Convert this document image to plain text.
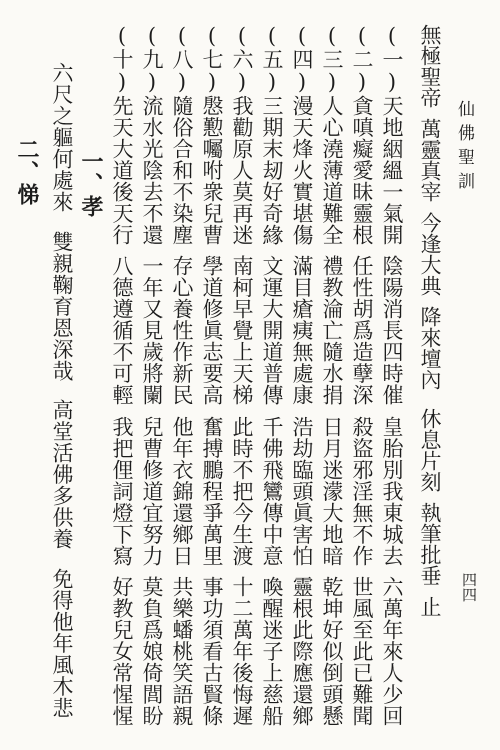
仙佛聖訓
四四
無極聖帝萬靈真宰今逢大典降來壇內休息片刻執筆批垂止
(一)天地絪縕一氣開陰陽消長四時催皇胎別我東城去六萬年來人少回
(二)貪嗔癡愛昧靈根任性胡爲造孽深殺盜邪淫無不作世風至此已難聞
(三)人心澆薄道難全禮教淪亡隨水捐日月迷濛大地暗乾坤好似倒頭懸
(四)漫天烽火實堪傷滿目瘡痍無處康浩劫臨頭眞害怕靈根此際應還鄉
(五)三期末刼好奇緣文運大開道普傳千佛飛鸞傳中意喚醒迷子上慈船
(六)我勸原人莫再迷南柯早覺上天梯此時不把今生渡十二萬年後悔遲
(七)慇懃囑咐衆兒曹學道修眞志要高奮搏鵬程爭萬里事功須看古賢條
(八)隨俗合和不染塵存心養性作新民他年衣錦還鄉日共樂蟠桃笑語親
(九)流水光陰去不還一年又見歲將闌兒曹修道宜努力莫負爲娘倚閭盼
(十)先天大道後天行八德遵循不可輕我把俚詞燈下寫好教兒女常惺惺
一、孝
六尺之軀何處來雙親鞠育恩深哉高堂活佛多供養免得他年風木悲
二、悌
